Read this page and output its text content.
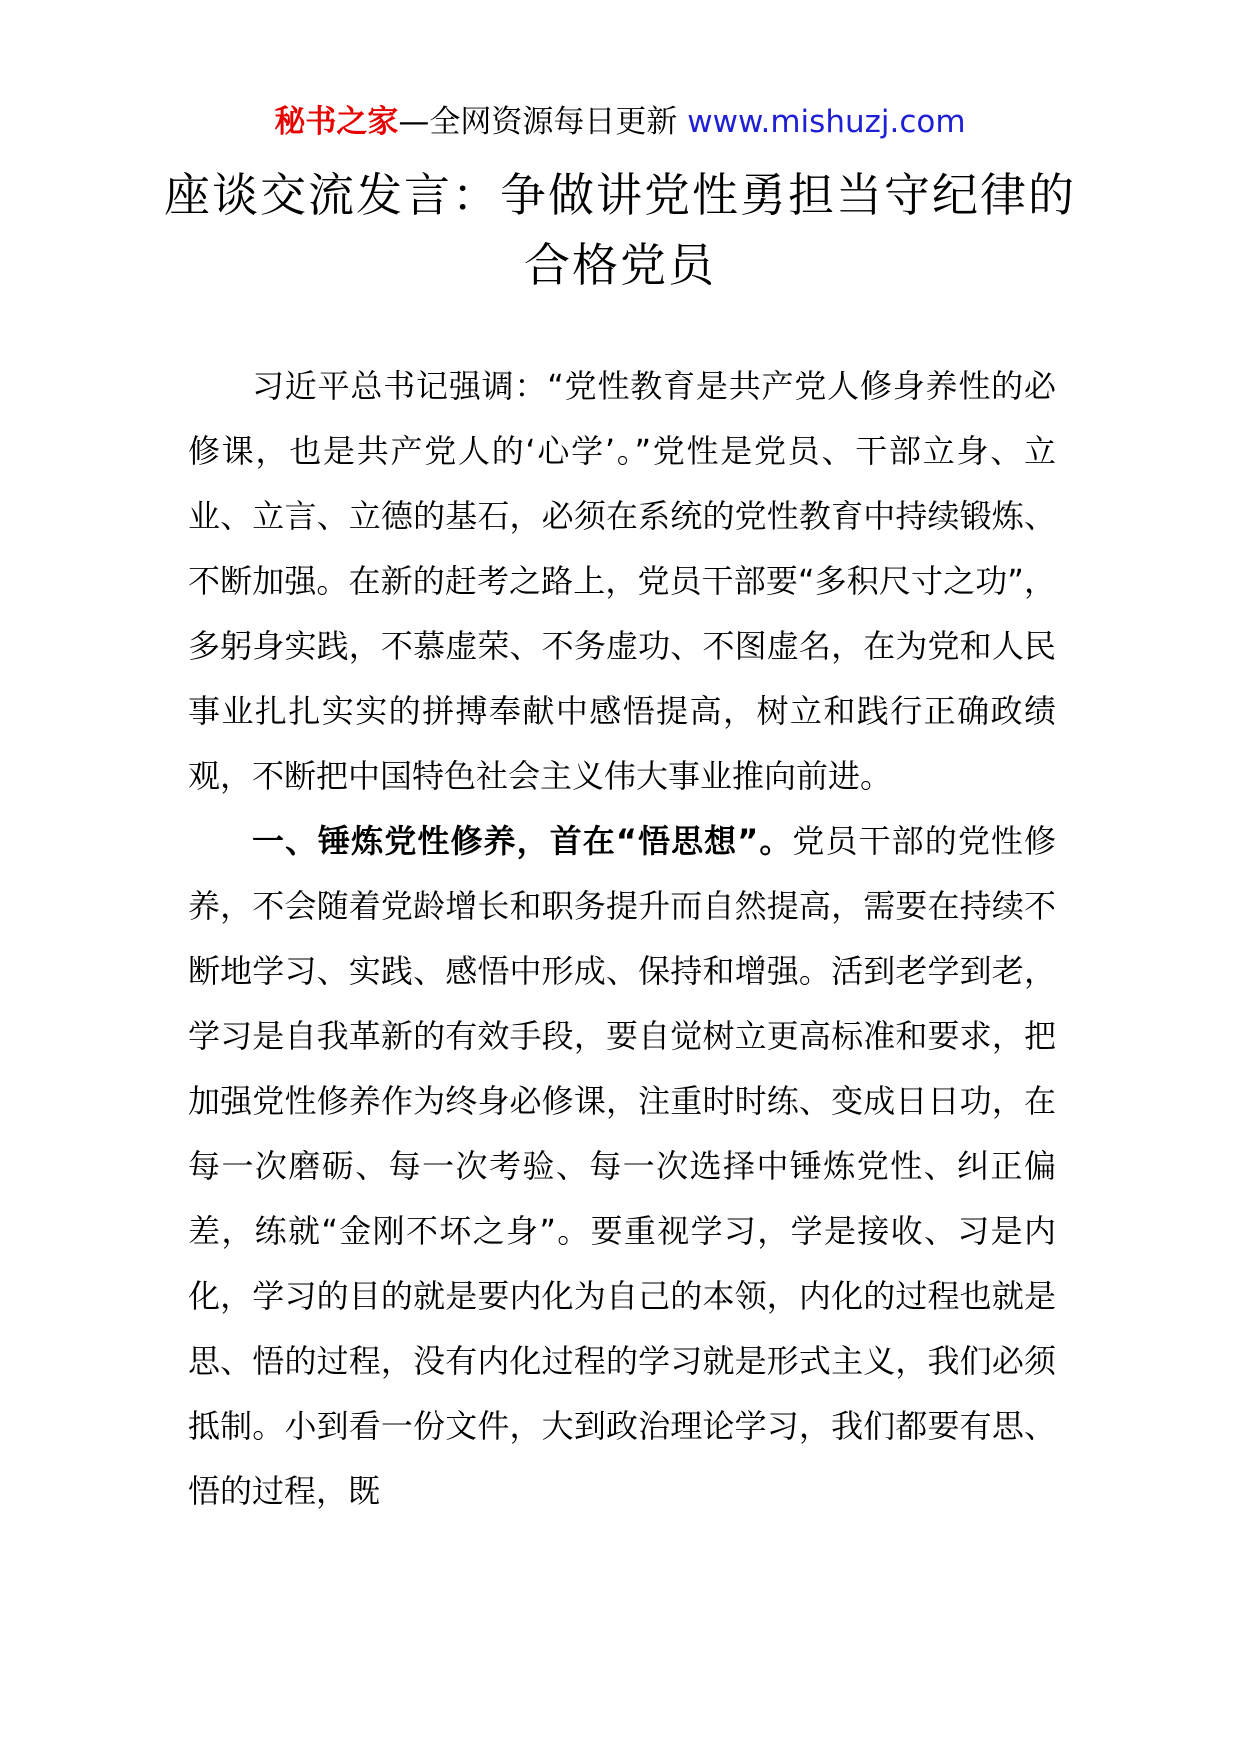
秘书之家—全网资源每日更新 www.mishuzj.com
座谈交流发言：争做讲党性勇担当守纪律的合格党员

习近平总书记强调：“党性教育是共产党人修身养性的必修课，也是共产党人的‘心学’。”党性是党员、干部立身、立业、立言、立德的基石，必须在系统的党性教育中持续锻炼、不断加强。在新的赶考之路上，党员干部要“多积尺寸之功”，多躬身实践，不慕虚荣、不务虚功、不图虚名，在为党和人民事业扎扎实实的拼搏奉献中感悟提高，树立和践行正确政绩观，不断把中国特色社会主义伟大事业推向前进。

一、锤炼党性修养，首在“悟思想”。党员干部的党性修养，不会随着党龄增长和职务提升而自然提高，需要在持续不断地学习、实践、感悟中形成、保持和增强。活到老学到老，学习是自我革新的有效手段，要自觉树立更高标准和要求，把加强党性修养作为终身必修课，注重时时练、变成日日功，在每一次磨砺、每一次考验、每一次选择中锤炼党性、纠正偏差，练就“金刚不坏之身”。要重视学习，学是接收、习是内化，学习的目的就是要内化为自己的本领，内化的过程也就是思、悟的过程，没有内化过程的学习就是形式主义，我们必须抵制。小到看一份文件，大到政治理论学习，我们都要有思、悟的过程，既
